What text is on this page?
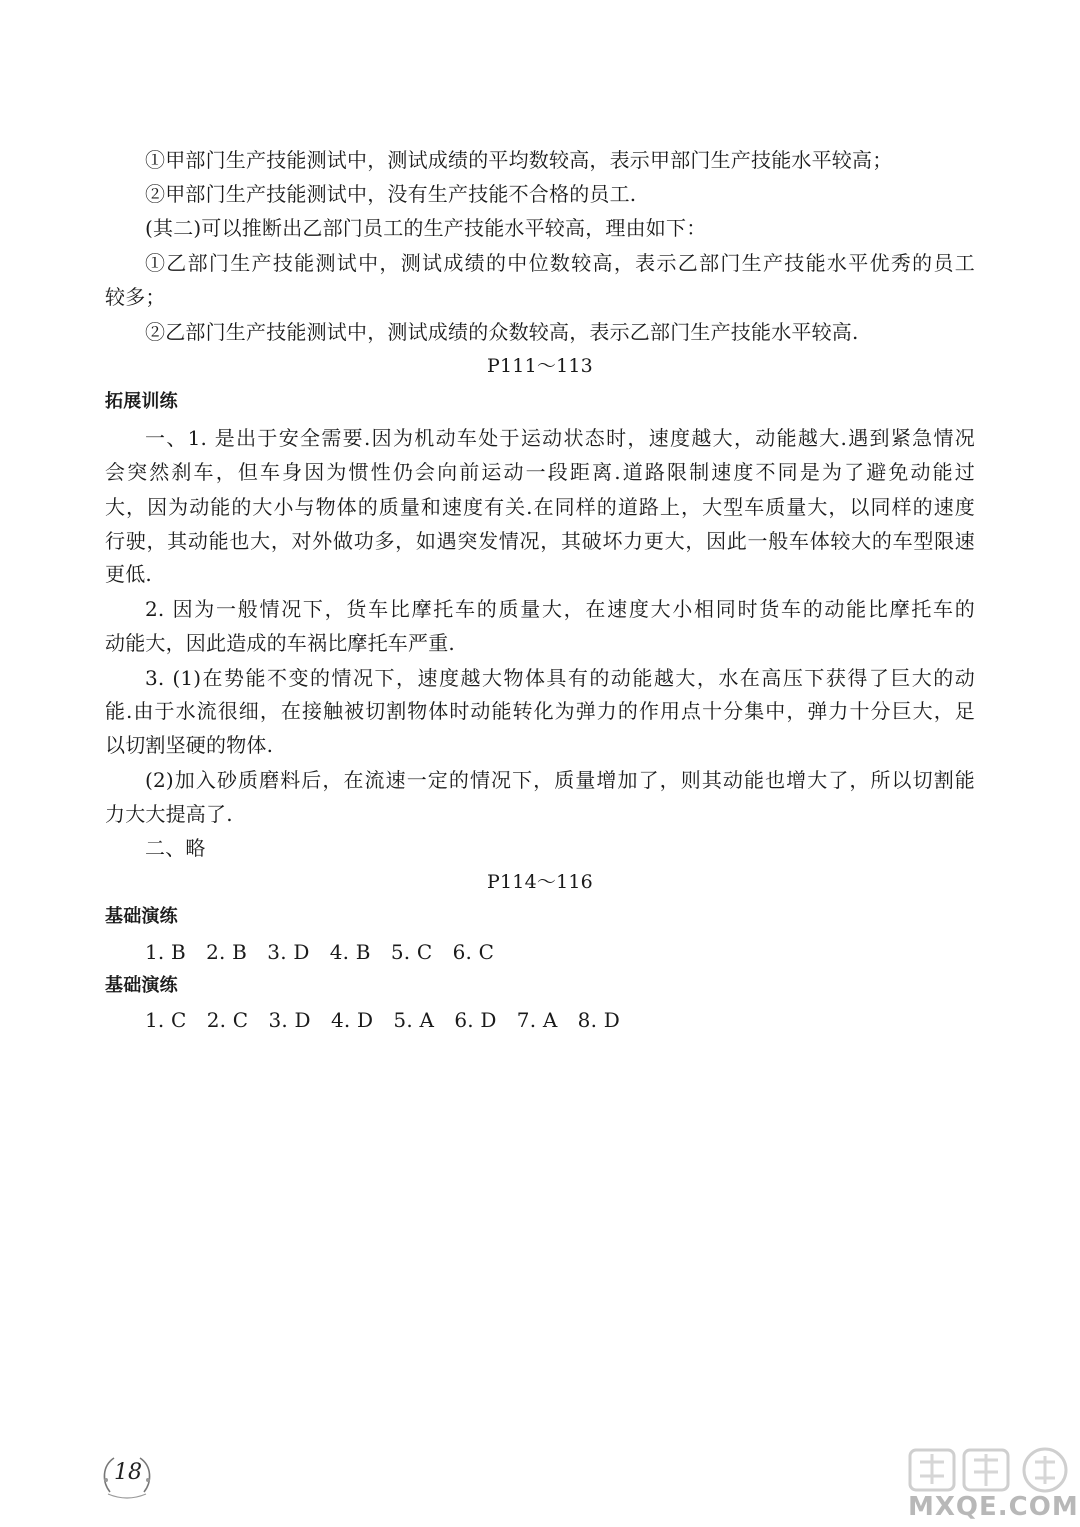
①甲部门生产技能测试中，测试成绩的平均数较高，表示甲部门生产技能水平较高；
②甲部门生产技能测试中，没有生产技能不合格的员工.
(其二)可以推断出乙部门员工的生产技能水平较高，理由如下：
①乙部门生产技能测试中，测试成绩的中位数较高，表示乙部门生产技能水平优秀的员工
较多；
②乙部门生产技能测试中，测试成绩的众数较高，表示乙部门生产技能水平较高.
P111～113
拓展训练
一、1. 是出于安全需要.因为机动车处于运动状态时，速度越大，动能越大.遇到紧急情况
会突然刹车，但车身因为惯性仍会向前运动一段距离.道路限制速度不同是为了避免动能过
大，因为动能的大小与物体的质量和速度有关.在同样的道路上，大型车质量大，以同样的速度
行驶，其动能也大，对外做功多，如遇突发情况，其破坏力更大，因此一般车体较大的车型限速
更低.
2. 因为一般情况下，货车比摩托车的质量大，在速度大小相同时货车的动能比摩托车的
动能大，因此造成的车祸比摩托车严重.
3. (1)在势能不变的情况下，速度越大物体具有的动能越大，水在高压下获得了巨大的动
能.由于水流很细，在接触被切割物体时动能转化为弹力的作用点十分集中，弹力十分巨大，足
以切割坚硬的物体.
(2)加入砂质磨料后，在流速一定的情况下，质量增加了，则其动能也增大了，所以切割能
力大大提高了.
二、略
P114～116
基础演练
1. B　2. B　3. D　4. B　5. C　6. C
基础演练
1. C　2. C　3. D　4. D　5. A　6. D　7. A　8. D
18
MXQE.COM
